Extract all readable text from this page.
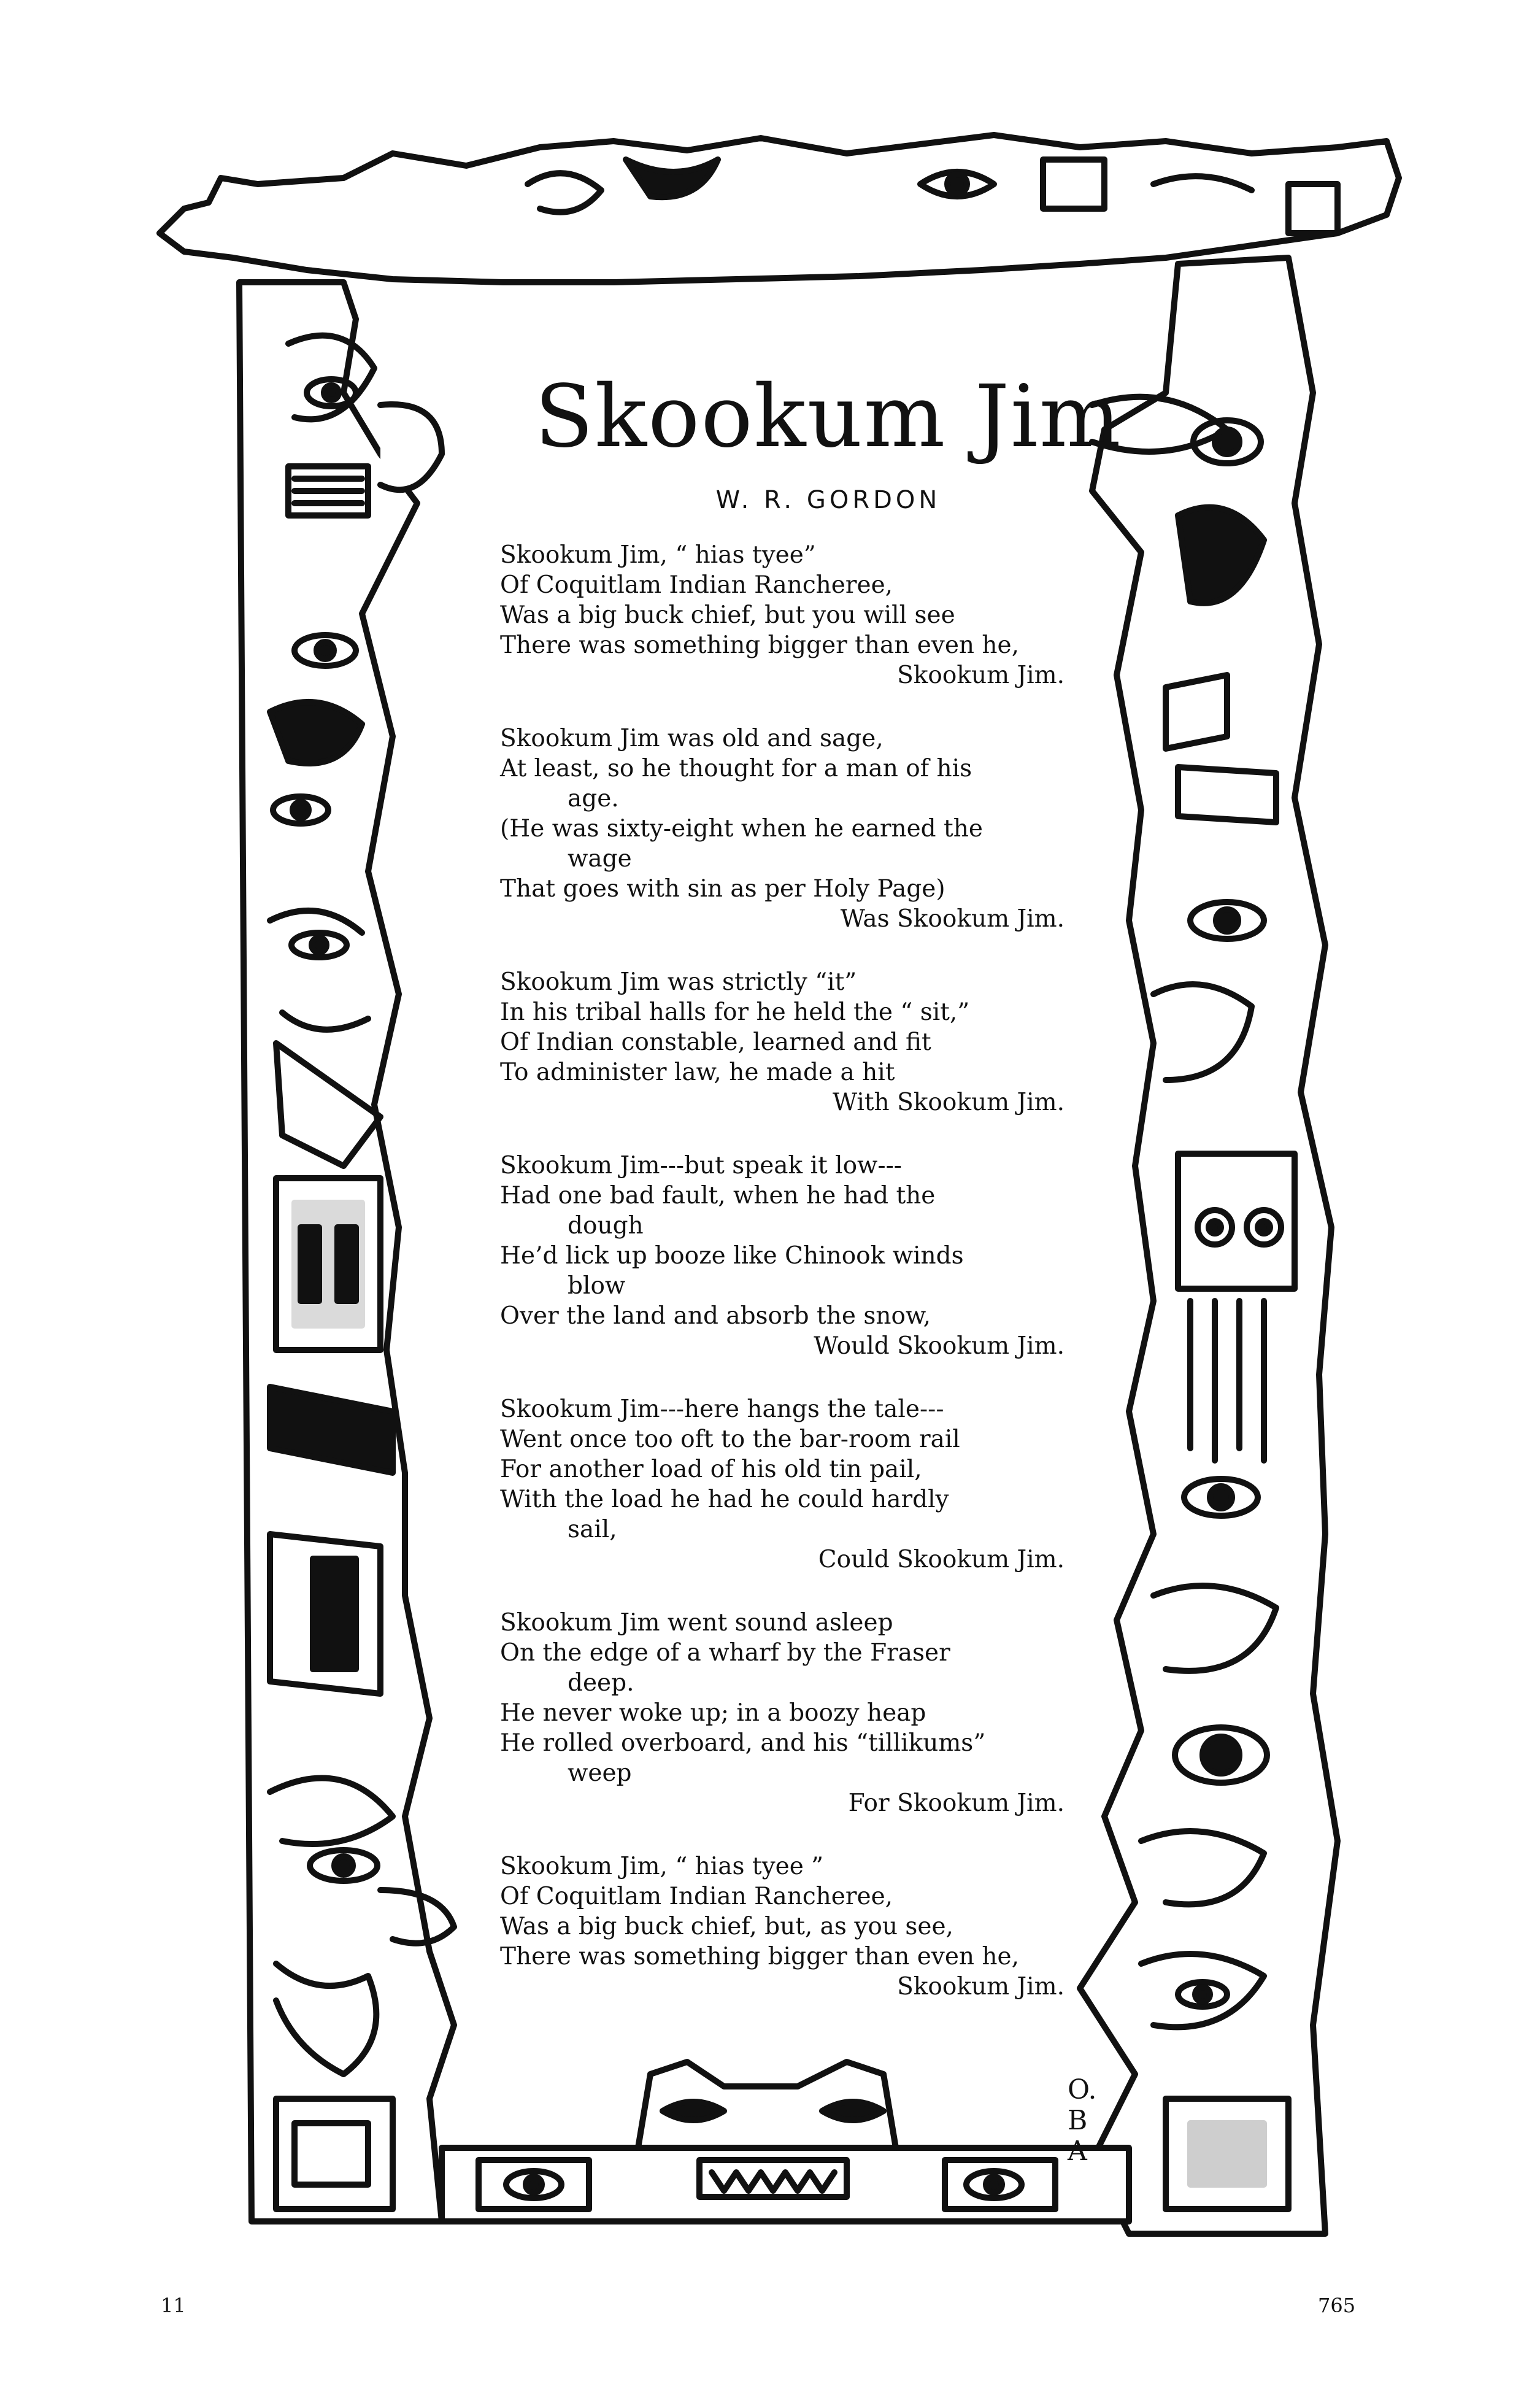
O.
B
A
Skookum Jim
W. R. GORDON
Skookum Jim, “ hias tyee”
Of Coquitlam Indian Rancheree,
Was a big buck chief, but you will see
There was something bigger than even he,
Skookum Jim.
Skookum Jim was old and sage,
At least, so he thought for a man of his
age.
(He was sixty-eight when he earned the
wage
That goes with sin as per Holy Page)
Was Skookum Jim.
Skookum Jim was strictly “it”
In his tribal halls for he held the “ sit,”
Of Indian constable, learned and fit
To administer law, he made a hit
With Skookum Jim.
Skookum Jim---but speak it low---
Had one bad fault, when he had the
dough
He’d lick up booze like Chinook winds
blow
Over the land and absorb the snow,
Would Skookum Jim.
Skookum Jim---here hangs the tale---
Went once too oft to the bar-room rail
For another load of his old tin pail,
With the load he had he could hardly
sail,
Could Skookum Jim.
Skookum Jim went sound asleep
On the edge of a wharf by the Fraser
deep.
He never woke up; in a boozy heap
He rolled overboard, and his “tillikums”
weep
For Skookum Jim.
Skookum Jim, “ hias tyee ”
Of Coquitlam Indian Rancheree,
Was a big buck chief, but, as you see,
There was something bigger than even he,
Skookum Jim.
11	765
